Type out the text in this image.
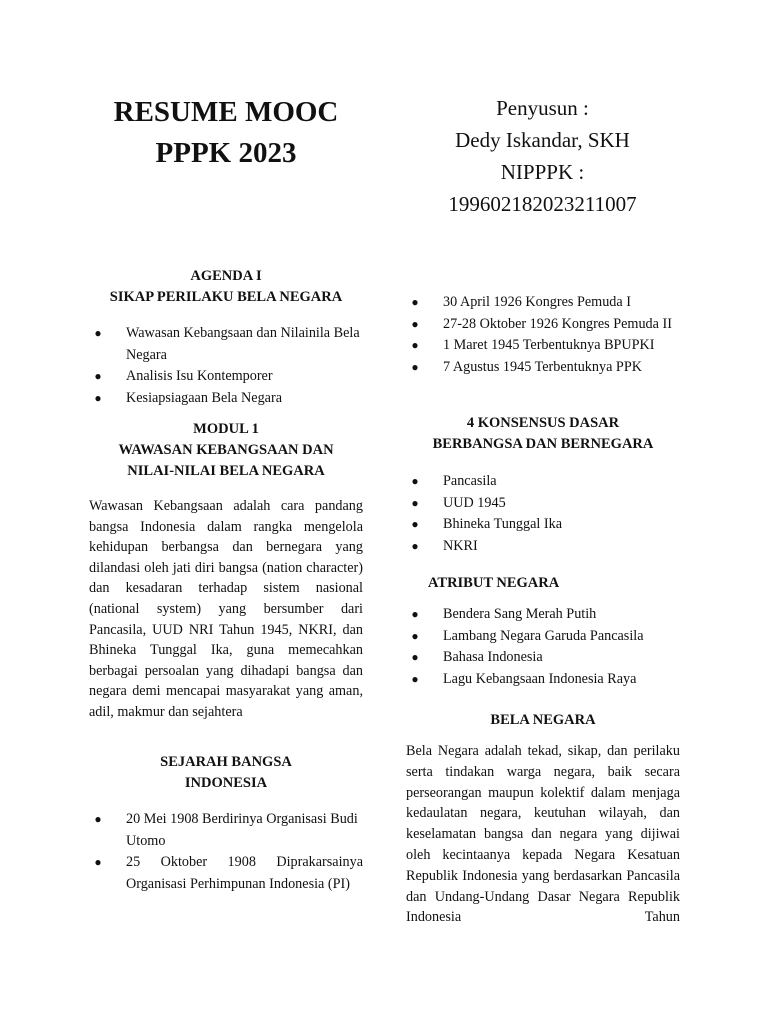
RESUME MOOC
PPPK 2023
Penyusun :
Dedy Iskandar, SKH
NIPPPK :
199602182023211007
AGENDA I
SIKAP PERILAKU BELA NEGARA
● Wawasan Kebangsaan dan Nilainila Bela Negara
● Analisis Isu Kontemporer
● Kesiapsiagaan Bela Negara
MODUL 1
WAWASAN KEBANGSAAN DAN
NILAI-NILAI BELA NEGARA

Wawasan Kebangsaan adalah cara pandang bangsa Indonesia dalam rangka mengelola kehidupan berbangsa dan bernegara yang dilandasi oleh jati diri bangsa (nation character) dan kesadaran terhadap sistem nasional (national system) yang bersumber dari Pancasila, UUD NRI Tahun 1945, NKRI, dan Bhineka Tunggal Ika, guna memecahkan berbagai persoalan yang dihadapi bangsa dan negara demi mencapai masyarakat yang aman, adil, makmur dan sejahtera

SEJARAH BANGSA
INDONESIA
● 20 Mei 1908 Berdirinya Organisasi Budi Utomo
● 25 Oktober 1908 Diprakarsainya Organisasi Perhimpunan Indonesia (PI)
● 30 April 1926 Kongres Pemuda I
● 27-28 Oktober 1926 Kongres Pemuda II
● 1 Maret 1945 Terbentuknya BPUPKI
● 7 Agustus 1945 Terbentuknya PPK
4 KONSENSUS DASAR
BERBANGSA DAN BERNEGARA
● Pancasila
● UUD 1945
● Bhineka Tunggal Ika
● NKRI
ATRIBUT NEGARA
● Bendera Sang Merah Putih
● Lambang Negara Garuda Pancasila
● Bahasa Indonesia
● Lagu Kebangsaan Indonesia Raya
BELA NEGARA

Bela Negara adalah tekad, sikap, dan perilaku serta tindakan warga negara, baik secara perseorangan maupun kolektif dalam menjaga kedaulatan negara, keutuhan wilayah, dan keselamatan bangsa dan negara yang dijiwai oleh kecintaanya kepada Negara Kesatuan Republik Indonesia yang berdasarkan Pancasila dan Undang-Undang Dasar Negara Republik Indonesia Tahun
